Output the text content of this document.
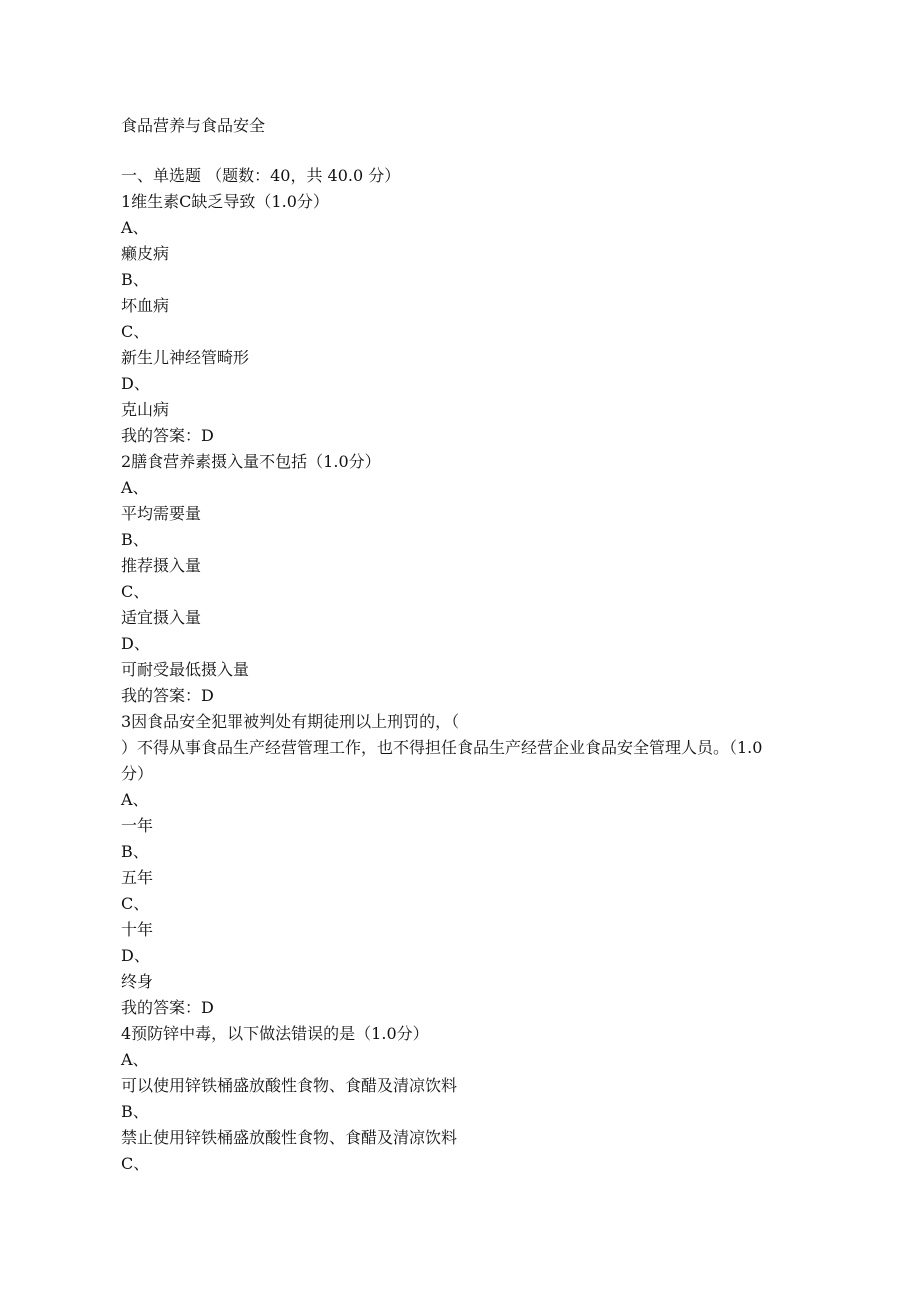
食品营养与食品安全
一、单选题 （题数：40，共 40.0 分）
1维生素C缺乏导致（1.0分）
A、
癞皮病
B、
坏血病
C、
新生儿神经管畸形
D、
克山病
我的答案：D
2膳食营养素摄入量不包括（1.0分）
A、
平均需要量
B、
推荐摄入量
C、
适宜摄入量
D、
可耐受最低摄入量
我的答案：D
3因食品安全犯罪被判处有期徒刑以上刑罚的，（
）不得从事食品生产经营管理工作，也不得担任食品生产经营企业食品安全管理人员。（1.0
分）
A、
一年
B、
五年
C、
十年
D、
终身
我的答案：D
4预防锌中毒，以下做法错误的是（1.0分）
A、
可以使用锌铁桶盛放酸性食物、食醋及清凉饮料
B、
禁止使用锌铁桶盛放酸性食物、食醋及清凉饮料
C、
